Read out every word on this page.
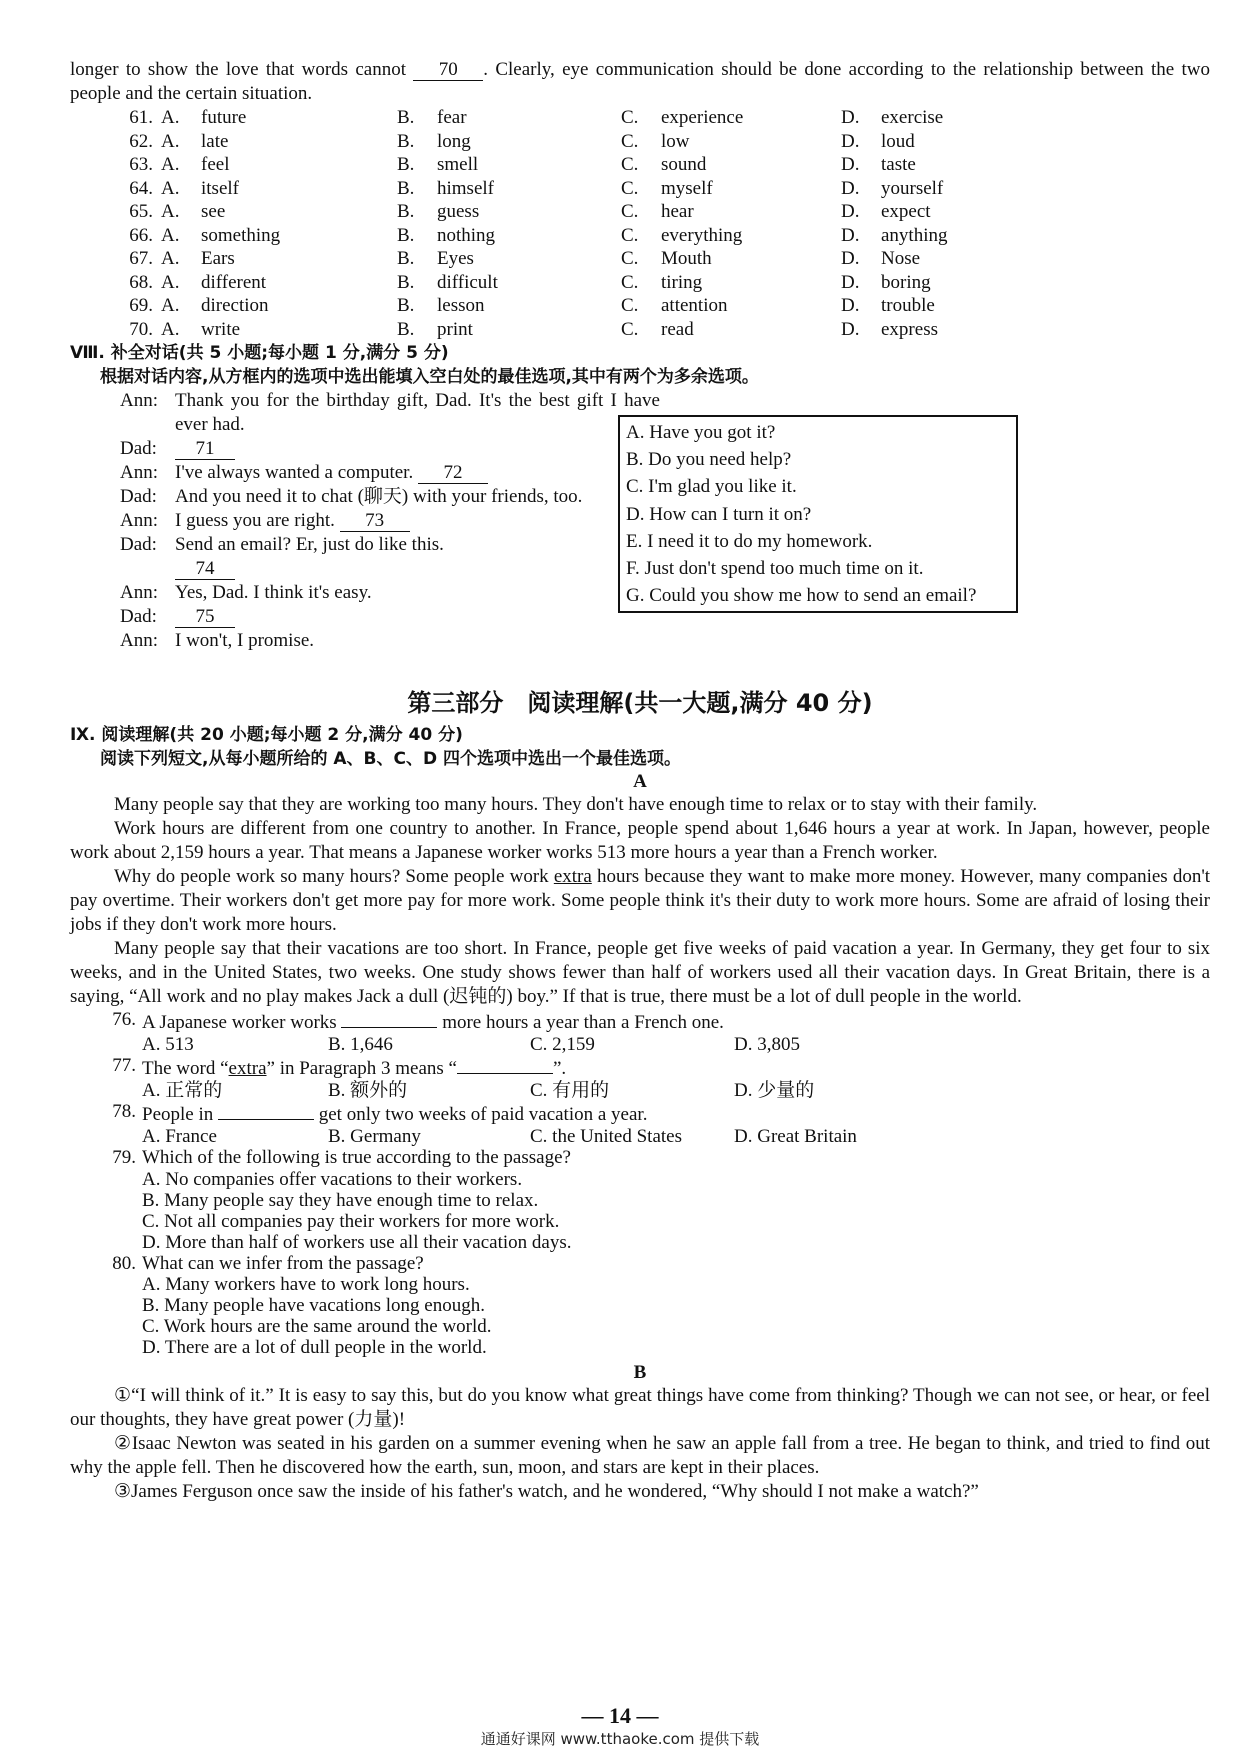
longer to show the love that words cannot 70 . Clearly, eye communication should be done according to the relationship between the two people and the certain situation.

61. A.	future	B.	fear	C.	experience	D.	exercise
62. A.	late	B.	long	C.	low	D.	loud
63. A.	feel	B.	smell	C.	sound	D.	taste
64. A.	itself	B.	himself	C.	myself	D.	yourself
65. A.	see	B.	guess	C.	hear	D.	expect
66. A.	something	B.	nothing	C.	everything	D.	anything
67. A.	Ears	B.	Eyes	C.	Mouth	D.	Nose
68. A.	different	B.	difficult	C.	tiring	D.	boring
69. A.	direction	B.	lesson	C.	attention	D.	trouble
70. A.	write	B.	print	C.	read	D.	express

Ⅷ. 补全对话(共 5 小题;每小题 1 分,满分 5 分)

根据对话内容,从方框内的选项中选出能填入空白处的最佳选项,其中有两个为多余选项。

Ann: Thank you for the birthday gift, Dad. It's the best gift I have ever had.
Dad:	71
Ann: I've always wanted a computer. 72
Dad: And you need it to chat (聊天) with your friends, too.
Ann: I guess you are right. 73
Dad: Send an email? Er, just do like this.
74
Ann: Yes, Dad. I think it's easy.
Dad:	75
Ann: I won't, I promise.
A. Have you got it?
B. Do you need help?
C. I'm glad you like it.
D. How can I turn it on?
E. I need it to do my homework.
F. Just don't spend too much time on it.
G. Could you show me how to send an email?

第三部分　阅读理解(共一大题,满分 40 分)

Ⅸ. 阅读理解(共 20 小题;每小题 2 分,满分 40 分)

阅读下列短文,从每小题所给的 A、B、C、D 四个选项中选出一个最佳选项。

A

Many people say that they are working too many hours. They don't have enough time to relax or to stay with their family.

Work hours are different from one country to another. In France, people spend about 1,646 hours a year at work. In Japan, however, people work about 2,159 hours a year. That means a Japanese worker works 513 more hours a year than a French worker.

Why do people work so many hours? Some people work extra hours because they want to make more money. However, many companies don't pay overtime. Their workers don't get more pay for more work. Some people think it's their duty to work more hours. Some are afraid of losing their jobs if they don't work more hours.

Many people say that their vacations are too short. In France, people get five weeks of paid vacation a year. In Germany, they get four to six weeks, and in the United States, two weeks. One study shows fewer than half of workers used all their vacation days. In Great Britain, there is a saying, “All work and no play makes Jack a dull (迟钝的) boy.” If that is true, there must be a lot of dull people in the world.

76. A Japanese worker works	more hours a year than a French one.
A. 513	B. 1,646	C. 2,159	D. 3,805
77. The word “extra” in Paragraph 3 means “	”.
A. 正常的	B. 额外的	C. 有用的	D. 少量的
78. People in	get only two weeks of paid vacation a year.
A. France	B. Germany	C. the United States	D. Great Britain
79. Which of the following is true according to the passage?
A. No companies offer vacations to their workers.
B. Many people say they have enough time to relax.
C. Not all companies pay their workers for more work.
D. More than half of workers use all their vacation days.
80. What can we infer from the passage?
A. Many workers have to work long hours.
B. Many people have vacations long enough.
C. Work hours are the same around the world.
D. There are a lot of dull people in the world.
B

①“I will think of it.” It is easy to say this, but do you know what great things have come from thinking? Though we can not see, or hear, or feel our thoughts, they have great power (力量)!

②Isaac Newton was seated in his garden on a summer evening when he saw an apple fall from a tree. He began to think, and tried to find out why the apple fell. Then he discovered how the earth, sun, moon, and stars are kept in their places.

③James Ferguson once saw the inside of his father's watch, and he wondered, “Why should I not make a watch?”

— 14 —
通通好课网 www.tthaoke.com 提供下载
